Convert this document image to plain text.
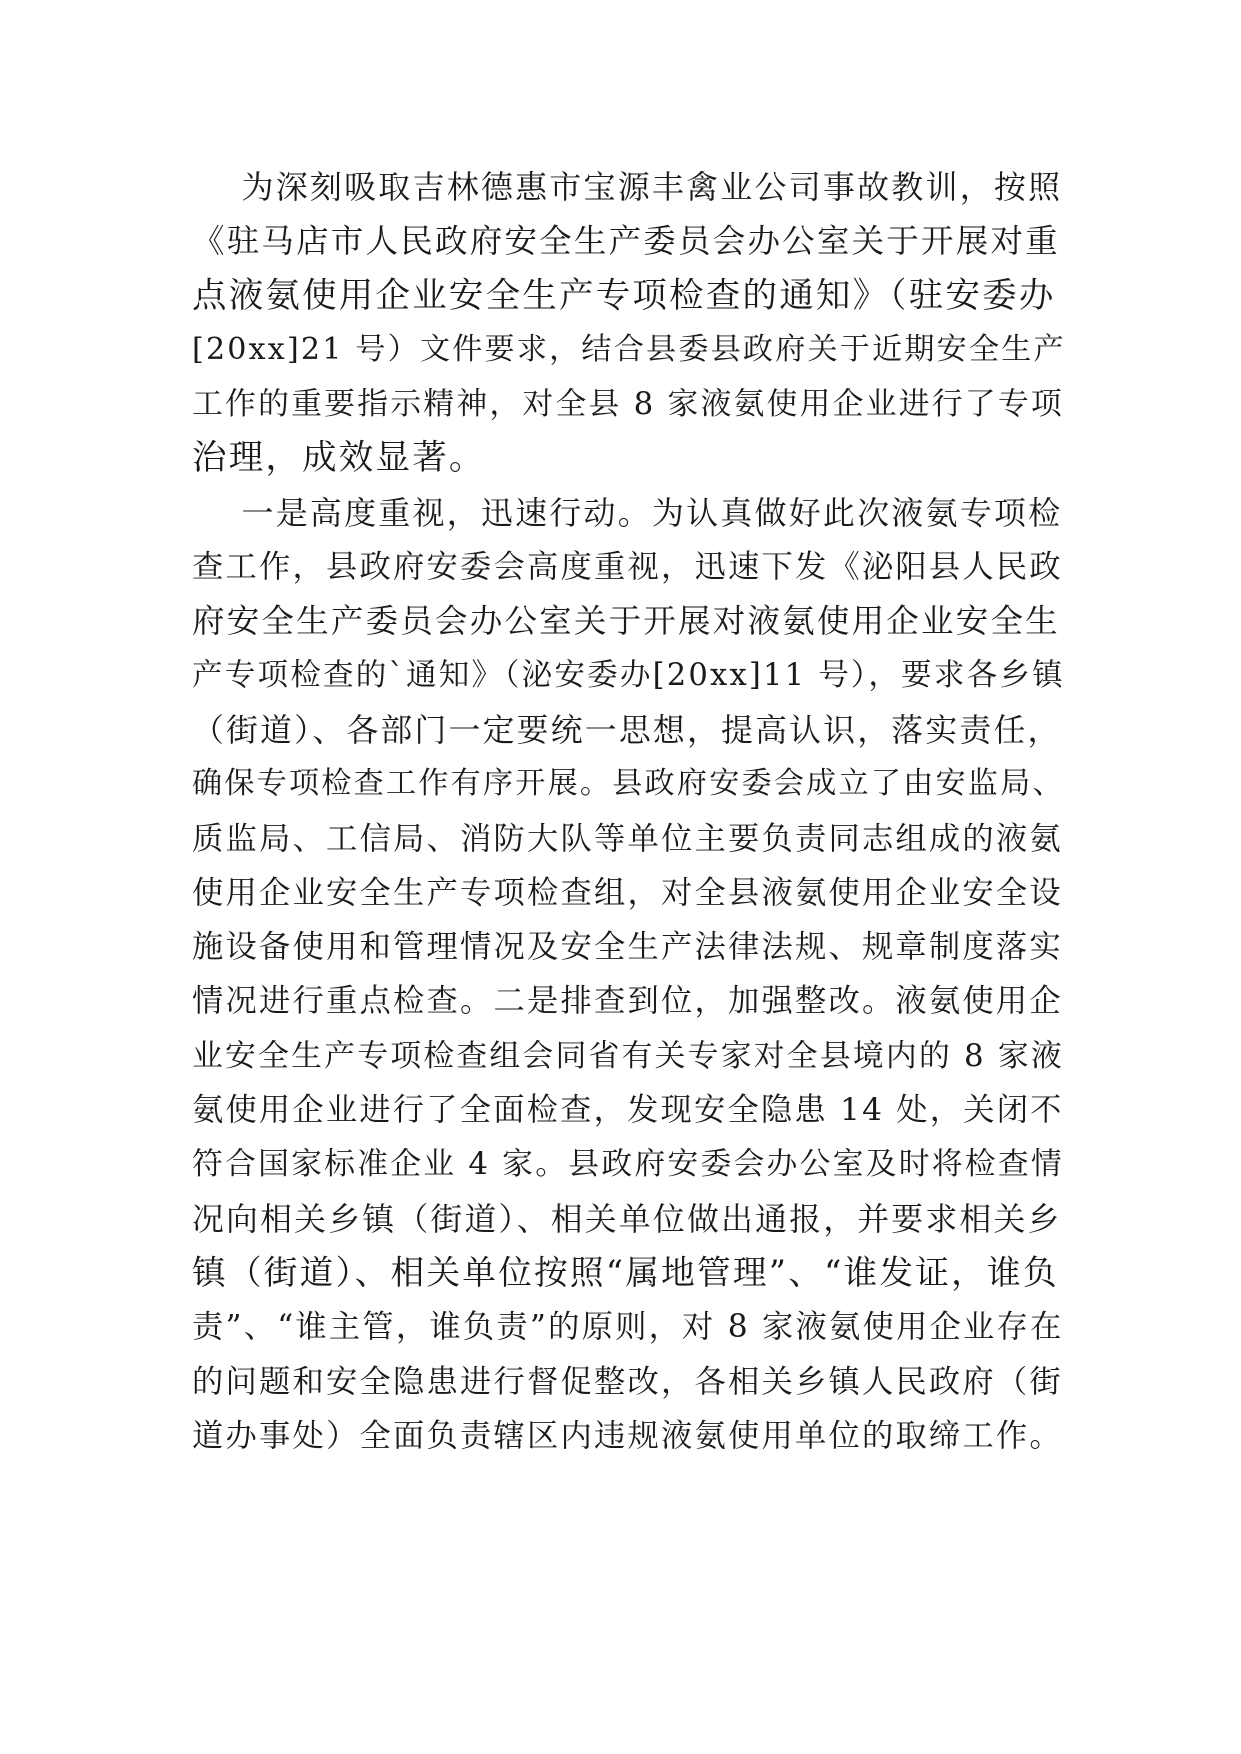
为深刻吸取吉林德惠市宝源丰禽业公司事故教训，按照
《驻马店市人民政府安全生产委员会办公室关于开展对重
点液氨使用企业安全生产专项检查的通知》（驻安委办
[20xx]21 号）文件要求，结合县委县政府关于近期安全生产
工作的重要指示精神，对全县 8 家液氨使用企业进行了专项
治理，成效显著。
一是高度重视，迅速行动。为认真做好此次液氨专项检
查工作，县政府安委会高度重视，迅速下发《泌阳县人民政
府安全生产委员会办公室关于开展对液氨使用企业安全生
产专项检查的`通知》（泌安委办[20xx]11 号），要求各乡镇
（街道）、各部门一定要统一思想，提高认识，落实责任，
确保专项检查工作有序开展。县政府安委会成立了由安监局、
质监局、工信局、消防大队等单位主要负责同志组成的液氨
使用企业安全生产专项检查组，对全县液氨使用企业安全设
施设备使用和管理情况及安全生产法律法规、规章制度落实
情况进行重点检查。二是排查到位，加强整改。液氨使用企
业安全生产专项检查组会同省有关专家对全县境内的 8 家液
氨使用企业进行了全面检查，发现安全隐患 14 处，关闭不
符合国家标准企业 4 家。县政府安委会办公室及时将检查情
况向相关乡镇（街道）、相关单位做出通报，并要求相关乡
镇（街道）、相关单位按照“属地管理”、“谁发证，谁负
责”、“谁主管，谁负责”的原则，对 8 家液氨使用企业存在
的问题和安全隐患进行督促整改，各相关乡镇人民政府（街
道办事处）全面负责辖区内违规液氨使用单位的取缔工作。
